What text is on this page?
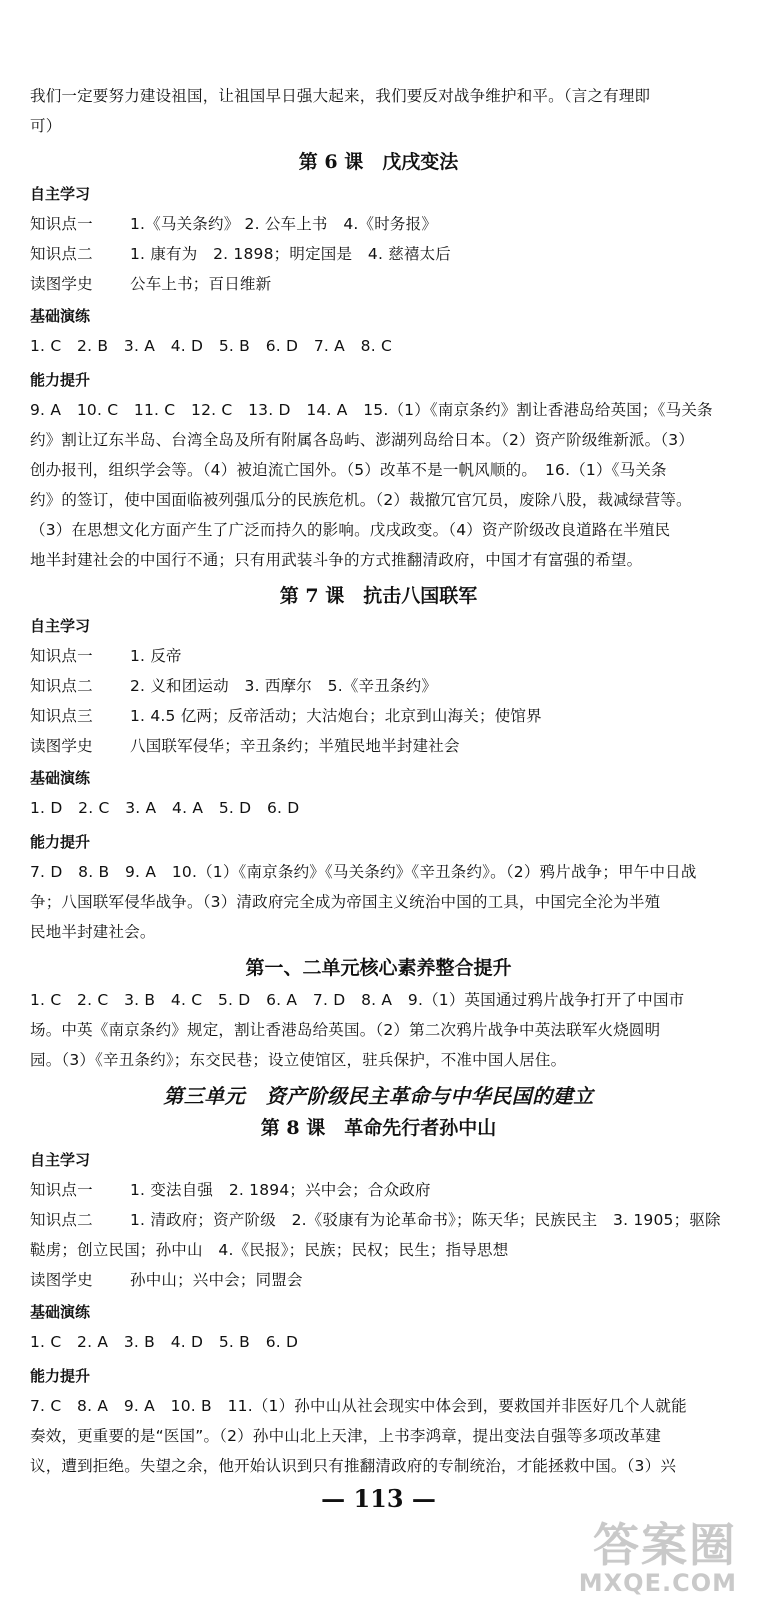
我们一定要努力建设祖国，让祖国早日强大起来，我们要反对战争维护和平。（言之有理即
可）
第 6 课　戊戌变法
自主学习
知识点一 1.《马关条约》 2. 公车上书　4.《时务报》
知识点二 1. 康有为　2. 1898；明定国是　4. 慈禧太后
读图学史 公车上书；百日维新
基础演练
1. C　2. B　3. A　4. D　5. B　6. D　7. A　8. C
能力提升
9. A　10. C　11. C　12. C　13. D　14. A　15.（1）《南京条约》割让香港岛给英国；《马关条
约》割让辽东半岛、台湾全岛及所有附属各岛屿、澎湖列岛给日本。（2）资产阶级维新派。（3）
创办报刊，组织学会等。（4）被迫流亡国外。（5）改革不是一帆风顺的。　16.（1）《马关条
约》的签订，使中国面临被列强瓜分的民族危机。（2）裁撤冗官冗员，废除八股，裁减绿营等。
（3）在思想文化方面产生了广泛而持久的影响。戊戌政变。（4）资产阶级改良道路在半殖民
地半封建社会的中国行不通；只有用武装斗争的方式推翻清政府，中国才有富强的希望。
第 7 课　抗击八国联军
自主学习
知识点一 1. 反帝
知识点二 2. 义和团运动　3. 西摩尔　5.《辛丑条约》
知识点三 1. 4.5 亿两；反帝活动；大沽炮台；北京到山海关；使馆界
读图学史 八国联军侵华；辛丑条约；半殖民地半封建社会
基础演练
1. D　2. C　3. A　4. A　5. D　6. D
能力提升
7. D　8. B　9. A　10.（1）《南京条约》《马关条约》《辛丑条约》。（2）鸦片战争；甲午中日战
争；八国联军侵华战争。（3）清政府完全成为帝国主义统治中国的工具，中国完全沦为半殖
民地半封建社会。
第一、二单元核心素养整合提升
1. C　2. C　3. B　4. C　5. D　6. A　7. D　8. A　9.（1）英国通过鸦片战争打开了中国市
场。中英《南京条约》规定，割让香港岛给英国。（2）第二次鸦片战争中英法联军火烧圆明
园。（3）《辛丑条约》；东交民巷；设立使馆区，驻兵保护，不准中国人居住。
第三单元　资产阶级民主革命与中华民国的建立
第 8 课　革命先行者孙中山
自主学习
知识点一 1. 变法自强　2. 1894；兴中会；合众政府
知识点二 1. 清政府；资产阶级　2.《驳康有为论革命书》；陈天华；民族民主　3. 1905；驱除
鞑虏；创立民国；孙中山　4.《民报》；民族；民权；民生；指导思想
读图学史 孙中山；兴中会；同盟会
基础演练
1. C　2. A　3. B　4. D　5. B　6. D
能力提升
7. C　8. A　9. A　10. B　11.（1）孙中山从社会现实中体会到，要救国并非医好几个人就能
奏效，更重要的是“医国”。（2）孙中山北上天津，上书李鸿章，提出变法自强等多项改革建
议，遭到拒绝。失望之余，他开始认识到只有推翻清政府的专制统治，才能拯救中国。（3）兴
— 113 —
答案圈
MXQE.COM
